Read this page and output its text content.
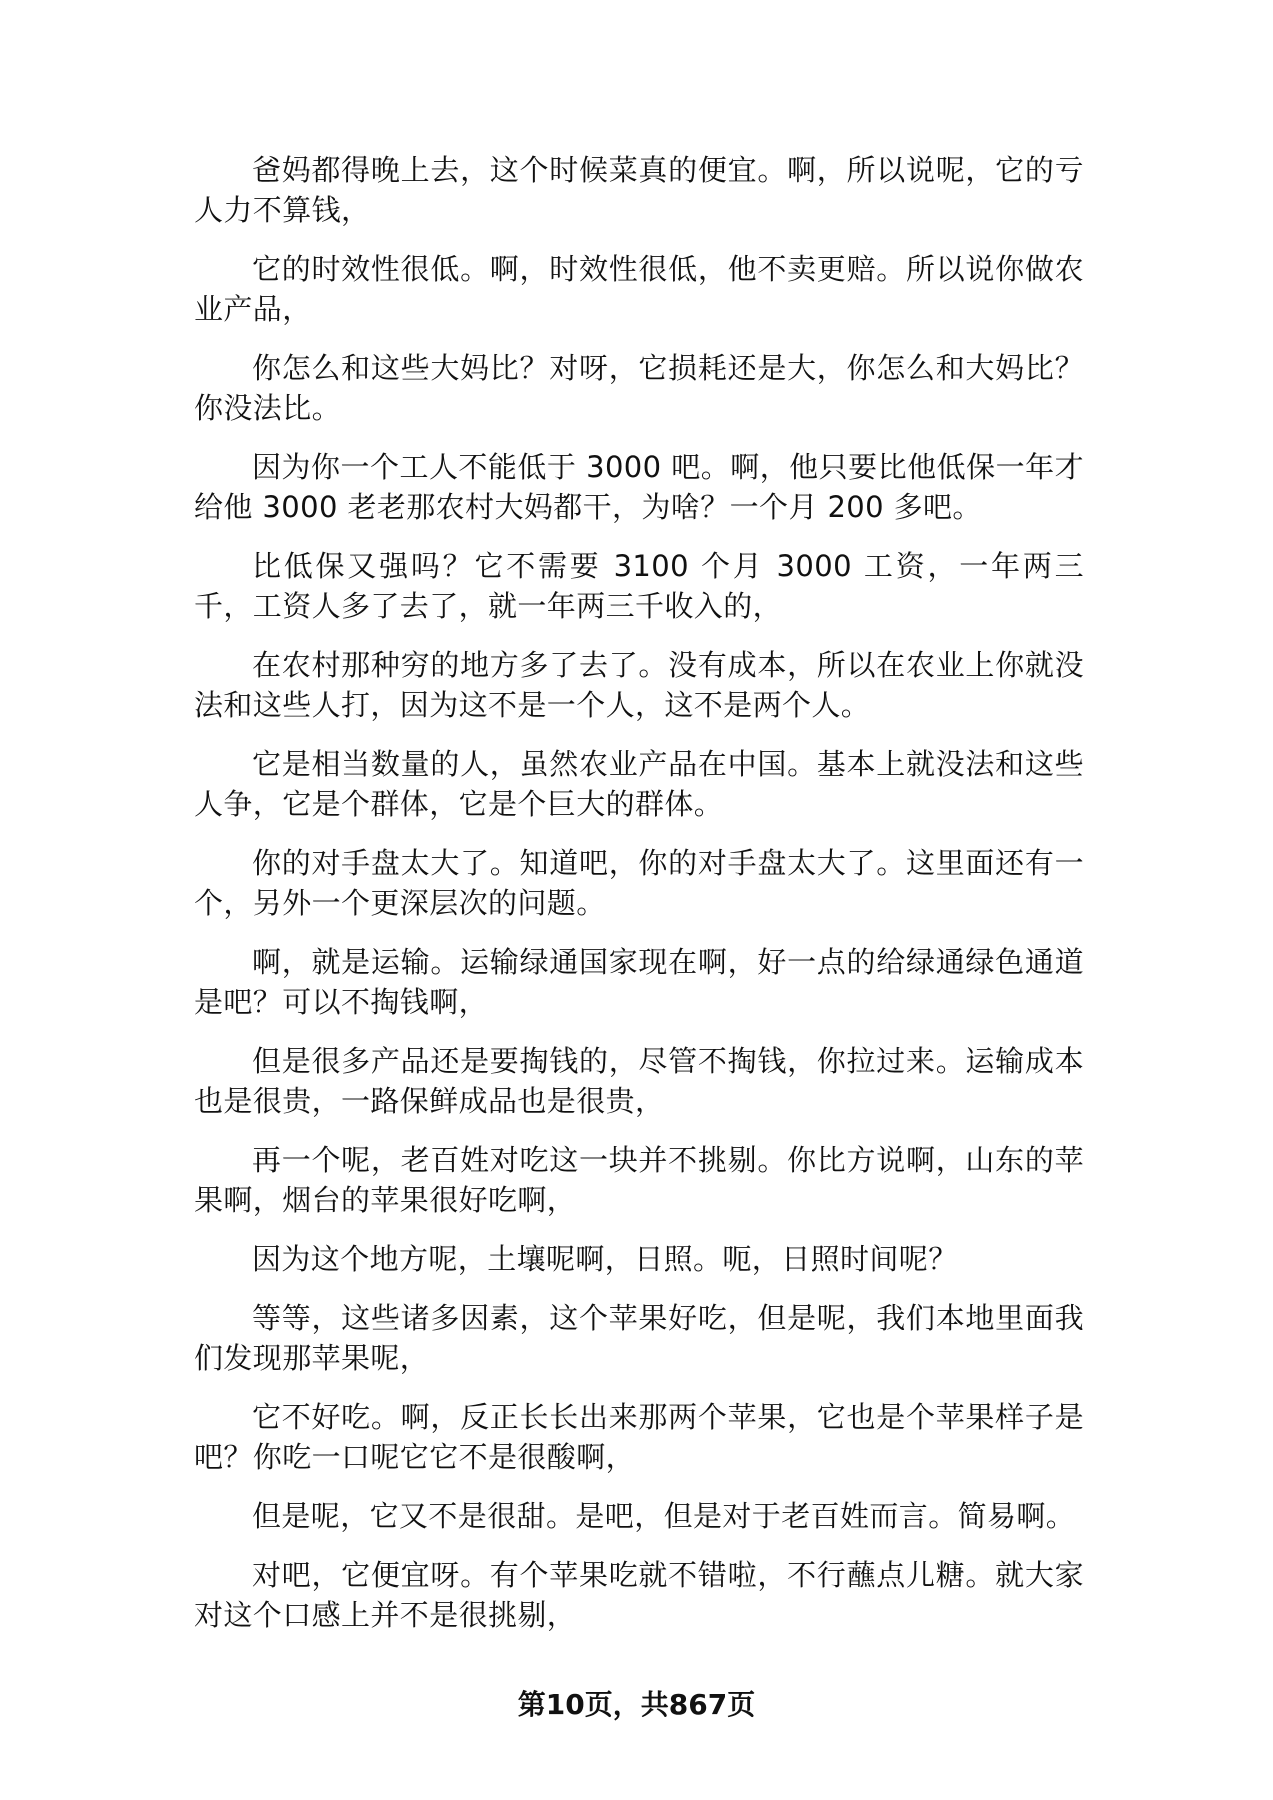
爸妈都得晚上去，这个时候菜真的便宜。啊，所以说呢，它的亏人力不算钱，

它的时效性很低。啊，时效性很低，他不卖更赔。所以说你做农业产品，

你怎么和这些大妈比？对呀，它损耗还是大，你怎么和大妈比？你没法比。

因为你一个工人不能低于 3000 吧。啊，他只要比他低保一年才给他 3000 老老那农村大妈都干，为啥？一个月 200 多吧。

比低保又强吗？它不需要 3100 个月 3000 工资，一年两三千，工资人多了去了，就一年两三千收入的，

在农村那种穷的地方多了去了。没有成本，所以在农业上你就没法和这些人打，因为这不是一个人，这不是两个人。

它是相当数量的人，虽然农业产品在中国。基本上就没法和这些人争，它是个群体，它是个巨大的群体。

你的对手盘太大了。知道吧，你的对手盘太大了。这里面还有一个，另外一个更深层次的问题。

啊，就是运输。运输绿通国家现在啊，好一点的给绿通绿色通道是吧？可以不掏钱啊，

但是很多产品还是要掏钱的，尽管不掏钱，你拉过来。运输成本也是很贵，一路保鲜成品也是很贵，

再一个呢，老百姓对吃这一块并不挑剔。你比方说啊，山东的苹果啊，烟台的苹果很好吃啊，

因为这个地方呢，土壤呢啊，日照。呃，日照时间呢？

等等，这些诸多因素，这个苹果好吃，但是呢，我们本地里面我们发现那苹果呢，

它不好吃。啊，反正长长出来那两个苹果，它也是个苹果样子是吧？你吃一口呢它它不是很酸啊，

但是呢，它又不是很甜。是吧，但是对于老百姓而言。简易啊。

对吧，它便宜呀。有个苹果吃就不错啦，不行蘸点儿糖。就大家对这个口感上并不是很挑剔，

第10页，共867页
